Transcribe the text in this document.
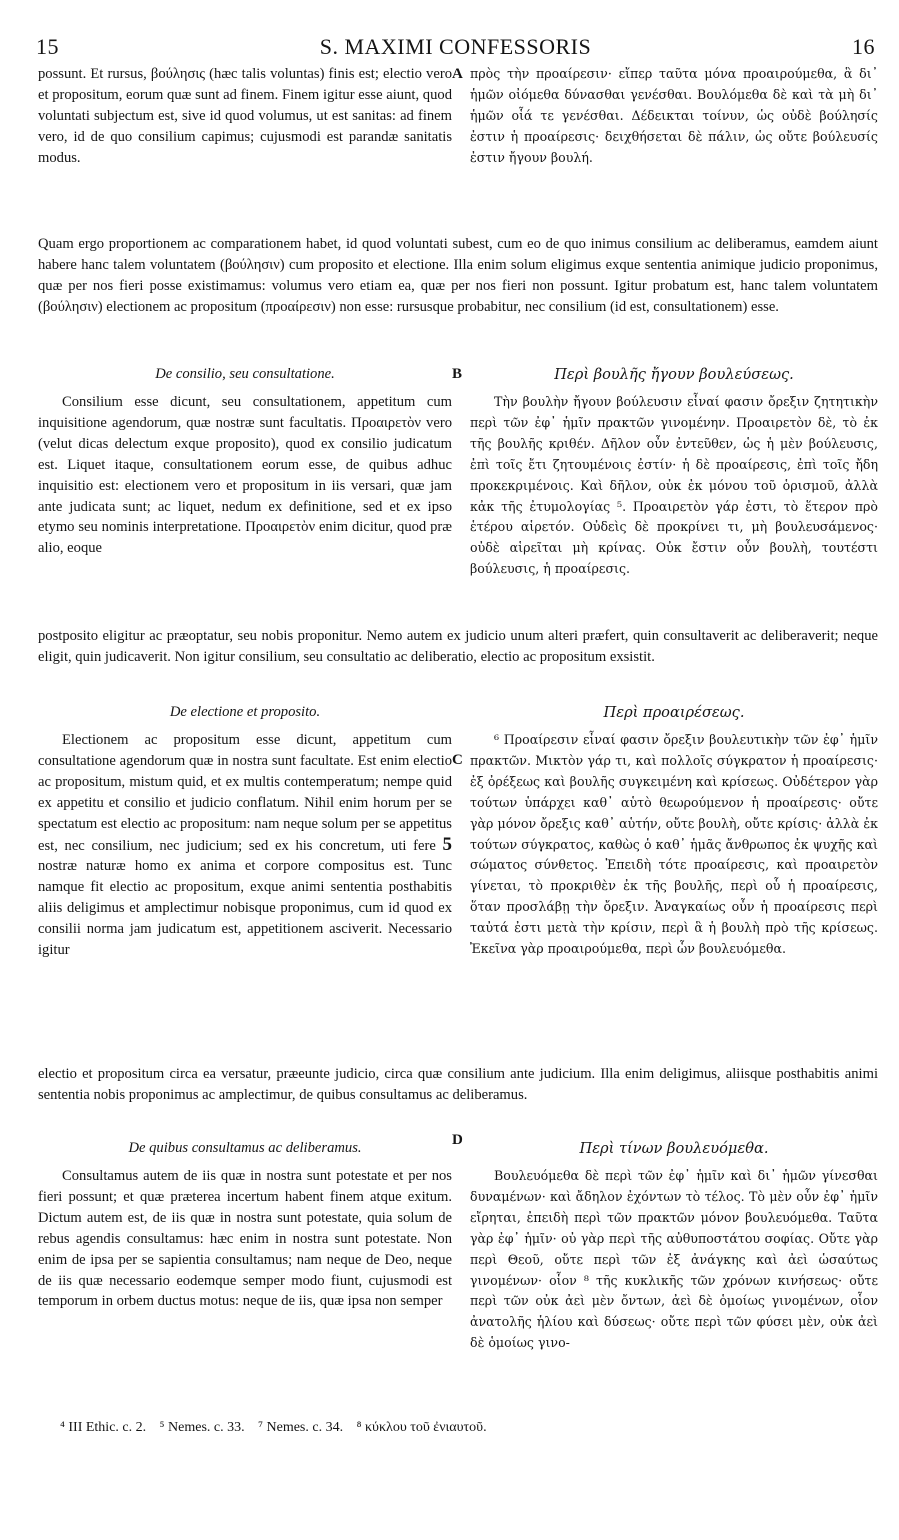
15	S. MAXIMI CONFESSORIS	16

possunt. Et rursus, βούλησις (hæc talis voluntas) finis est; electio vero et propositum, eorum quæ sunt ad finem. Finem igitur esse aiunt, quod voluntati subjectum est, sive id quod volumus, ut est sanitas: ad finem vero, id de quo consilium capimus; cujusmodi est parandæ sanitatis modus.

A πρὸς τὴν προαίρεσιν· εἴπερ ταῦτα μόνα προαιρούμεθα, ἃ δι᾽ ἡμῶν οἰόμεθα δύνασθαι γενέσθαι. Βουλόμεθα δὲ καὶ τὰ μὴ δι᾽ ἡμῶν οἷά τε γενέσθαι. Δέδεικται τοίνυν, ὡς οὐδὲ βούλησίς ἐστιν ἡ προαίρεσις· δειχθήσεται δὲ πάλιν, ὡς οὔτε βούλευσίς ἐστιν ἤγουν βουλή.

Quam ergo proportionem ac comparationem habet, id quod voluntati subest, cum eo de quo inimus consilium ac deliberamus, eamdem aiunt habere hanc talem voluntatem (βούλησιν) cum proposito et electione. Illa enim solum eligimus exque sententia animique judicio proponimus, quæ per nos fieri posse existimamus: volumus vero etiam ea, quæ per nos fieri non possunt. Igitur probatum est, hanc talem voluntatem (βούλησιν) electionem ac propositum (προαίρεσιν) non esse: rursusque probabitur, nec consilium (id est, consultationem) esse.

De consilio, seu consultatione.	B	Περὶ βουλῆς ἤγουν βουλεύσεως.

Consilium esse dicunt, seu consultationem, appetitum cum inquisitione agendorum, quæ nostræ sunt facultatis. Προαιρετὸν vero (velut dicas delectum exque proposito), quod ex consilio judicatum est. Liquet itaque, consultationem eorum esse, de quibus adhuc inquisitio est: electionem vero et propositum in iis versari, quæ jam ante judicata sunt; ac liquet, nedum ex definitione, sed et ex ipso etymo seu nominis interpretatione. Προαιρετὸν enim dicitur, quod præ alio, eoque

Τὴν βουλὴν ἤγουν βούλευσιν εἶναί φασιν ὄρεξιν ζητητικὴν περὶ τῶν ἐφ᾽ ἡμῖν πρακτῶν γινομένην. Προαιρετὸν δὲ, τὸ ἐκ τῆς βουλῆς κριθέν. Δῆλον οὖν ἐντεῦθεν, ὡς ἡ μὲν βούλευσις, ἐπὶ τοῖς ἔτι ζητουμένοις ἐστίν· ἡ δὲ προαίρεσις, ἐπὶ τοῖς ἤδη προκεκριμένοις. Καὶ δῆλον, οὐκ ἐκ μόνου τοῦ ὁρισμοῦ, ἀλλὰ κἀκ τῆς ἐτυμολογίας ⁵. Προαιρετὸν γάρ ἐστι, τὸ ἕτερον πρὸ ἑτέρου αἱρετόν. Οὐδεὶς δὲ προκρίνει τι, μὴ βουλευσάμενος· οὐδὲ αἱρεῖται μὴ κρίνας. Οὐκ ἔστιν οὖν βουλὴ, τουτέστι βούλευσις, ἡ προαίρεσις.

postposito eligitur ac præoptatur, seu nobis proponitur. Nemo autem ex judicio unum alteri præfert, quin consultaverit ac deliberaverit; neque eligit, quin judicaverit. Non igitur consilium, seu consultatio ac deliberatio, electio ac propositum exsistit.

De electione et proposito.	Περὶ προαιρέσεως.
C

Electionem ac propositum esse dicunt, appetitum cum consultatione agendorum quæ in nostra sunt facultate. Est enim electio ac propositum, mistum quid, et ex multis contemperatum; nempe quid ex appetitu et consilio et judicio conflatum. Nihil enim horum per se spectatum est electio ac propositum: nam neque solum per se appetitus est, nec consilium, nec judicium; sed ex his concretum, uti fere 5 nostræ naturæ homo ex anima et corpore compositus est. Tunc namque fit electio ac propositum, exque animi sententia posthabitis aliis deligimus et amplectimur nobisque proponimus, cum id quod ex consilii norma jam judicatum est, appetitionem asciverit. Necessario igitur

⁶ Προαίρεσιν εἶναί φασιν ὄρεξιν βουλευτικὴν τῶν ἐφ᾽ ἡμῖν πρακτῶν. Μικτὸν γάρ τι, καὶ πολλοῖς σύγκρατον ἡ προαίρεσις· ἐξ ὀρέξεως καὶ βουλῆς συγκειμένη καὶ κρίσεως. Οὐδέτερον γὰρ τούτων ὑπάρχει καθ᾽ αὑτὸ θεωρούμενον ἡ προαίρεσις· οὔτε γὰρ μόνον ὄρεξις καθ᾽ αὑτήν, οὔτε βουλὴ, οὔτε κρίσις· ἀλλὰ ἐκ τούτων σύγκρατος, καθὼς ὁ καθ᾽ ἡμᾶς ἄνθρωπος ἐκ ψυχῆς καὶ σώματος σύνθετος. Ἐπειδὴ τότε προαίρεσις, καὶ προαιρετὸν γίνεται, τὸ προκριθὲν ἐκ τῆς βουλῆς, περὶ οὗ ἡ προαίρεσις, ὅταν προσλάβῃ τὴν ὄρεξιν. Ἀναγκαίως οὖν ἡ προαίρεσις περὶ ταὐτά ἐστι μετὰ τὴν κρίσιν, περὶ ἃ ἡ βουλὴ πρὸ τῆς κρίσεως. Ἐκεῖνα γὰρ προαιρούμεθα, περὶ ὧν βουλευόμεθα.

electio et propositum circa ea versatur, præeunte judicio, circa quæ consilium ante judicium. Illa enim deligimus, aliisque posthabitis animi sententia nobis proponimus ac amplectimur, de quibus consultamus ac deliberamus.

De quibus consultamus ac deliberamus.	D	Περὶ τίνων βουλευόμεθα.

Consultamus autem de iis quæ in nostra sunt potestate et per nos fieri possunt; et quæ præterea incertum habent finem atque exitum. Dictum autem est, de iis quæ in nostra sunt potestate, quia solum de rebus agendis consultamus: hæc enim in nostra sunt potestate. Non enim de ipsa per se sapientia consultamus; nam neque de Deo, neque de iis quæ necessario eodemque semper modo fiunt, cujusmodi est temporum in orbem ductus motus: neque de iis, quæ ipsa non semper

Βουλευόμεθα δὲ περὶ τῶν ἐφ᾽ ἡμῖν καὶ δι᾽ ἡμῶν γίνεσθαι δυναμένων· καὶ ἄδηλον ἐχόντων τὸ τέλος. Τὸ μὲν οὖν ἐφ᾽ ἡμῖν εἴρηται, ἐπειδὴ περὶ τῶν πρακτῶν μόνον βουλευόμεθα. Ταῦτα γὰρ ἐφ᾽ ἡμῖν· οὐ γὰρ περὶ τῆς αὐθυποστάτου σοφίας. Οὔτε γὰρ περὶ Θεοῦ, οὔτε περὶ τῶν ἐξ ἀνάγκης καὶ ἀεὶ ὡσαύτως γινομένων· οἷον ⁸ τῆς κυκλικῆς τῶν χρόνων κινήσεως· οὔτε περὶ τῶν οὐκ ἀεὶ μὲν ὄντων, ἀεὶ δὲ ὁμοίως γινομένων, οἷον ἀνατολῆς ἡλίου καὶ δύσεως· οὔτε περὶ τῶν φύσει μὲν, οὐκ ἀεὶ δὲ ὁμοίως γινο-

⁴ III Ethic. c. 2. ⁵ Nemes. c. 33. ⁷ Nemes. c. 34. ⁸ κύκλου τοῦ ἐνιαυτοῦ.
